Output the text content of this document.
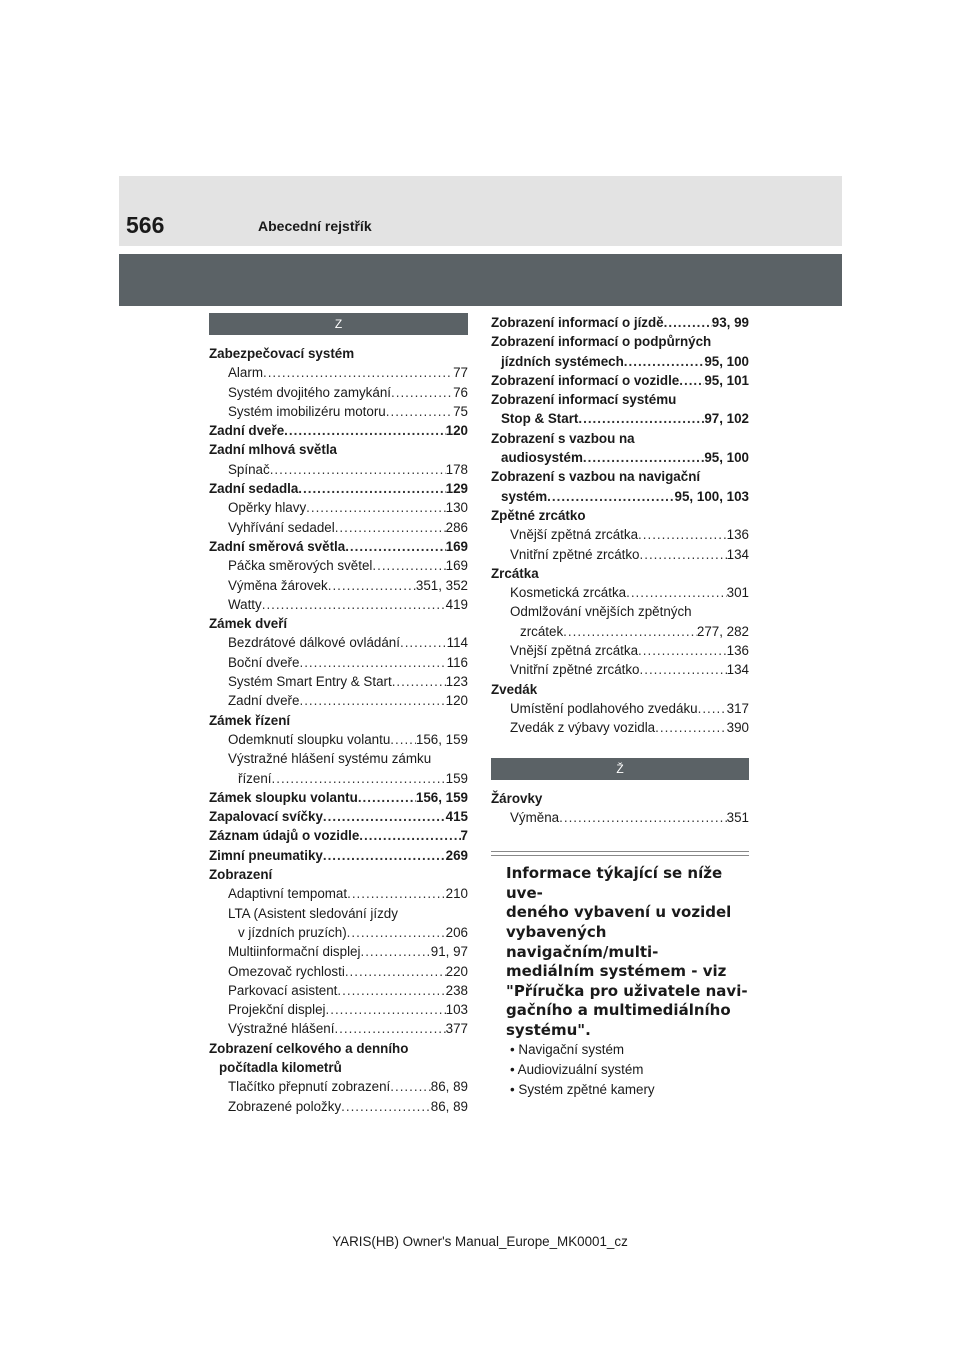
566	Abecední rejstřík
Z
Zabezpečovací systém
Alarm .....	77
Systém dvojitého zamykání .....	76
Systém imobilizéru motoru .....	75
Zadní dveře .....	120
Zadní mlhová světla
Spínač .....	178
Zadní sedadla .....	129
Opěrky hlavy .....	130
Vyhřívání sedadel .....	286
Zadní směrová světla .....	169
Páčka směrových světel .....	169
Výměna žárovek .....	351, 352
Watty .....	419
Zámek dveří
Bezdrátové dálkové ovládání .....	114
Boční dveře .....	116
Systém Smart Entry & Start .....	123
Zadní dveře .....	120
Zámek řízení
Odemknutí sloupku volantu ..... 156, 159
Výstražné hlášení systému zámku
řízení .....	159
Zámek sloupku volantu .....	156, 159
Zapalovací svíčky .....	415
Záznam údajů o vozidle .....	7
Zimní pneumatiky .....	269
Zobrazení
Adaptivní tempomat .....	210
LTA (Asistent sledování jízdy
v jízdních pruzích) .....	206
Multiinformační displej .....	91, 97
Omezovač rychlosti .....	220
Parkovací asistent .....	238
Projekční displej .....	103
Výstražné hlášení .....	377
Zobrazení celkového a denního
počítadla kilometrů
Tlačítko přepnutí zobrazení .....	86, 89
Zobrazené položky .....	86, 89
Zobrazení informací o jízdě .....	93, 99
Zobrazení informací o podpůrných
jízdních systémech .....	95, 100
Zobrazení informací o vozidle ..... 95, 101
Zobrazení informací systému
Stop & Start .....	97, 102
Zobrazení s vazbou na
audiosystém .....	95, 100
Zobrazení s vazbou na navigační
systém .....	95, 100, 103
Zpětné zrcátko
Vnější zpětná zrcátka .....	136
Vnitřní zpětné zrcátko .....	134
Zrcátka
Kosmetická zrcátka .....	301
Odmlžování vnějších zpětných
zrcátek .....	277, 282
Vnější zpětná zrcátka .....	136
Vnitřní zpětné zrcátko .....	134
Zvedák
Umístění podlahového zvedáku ..... 317
Zvedák z výbavy vozidla .....	390
Ž
Žárovky
Výměna .....	351
Informace týkající se níže uve-
deného vybavení u vozidel
vybavených navigačním/multi-
mediálním systémem - viz
"Příručka pro uživatele navi-
gačního a multimediálního
systému".
• Navigační systém
• Audiovizuální systém
• Systém zpětné kamery
YARIS(HB) Owner's Manual_Europe_MK0001_cz
